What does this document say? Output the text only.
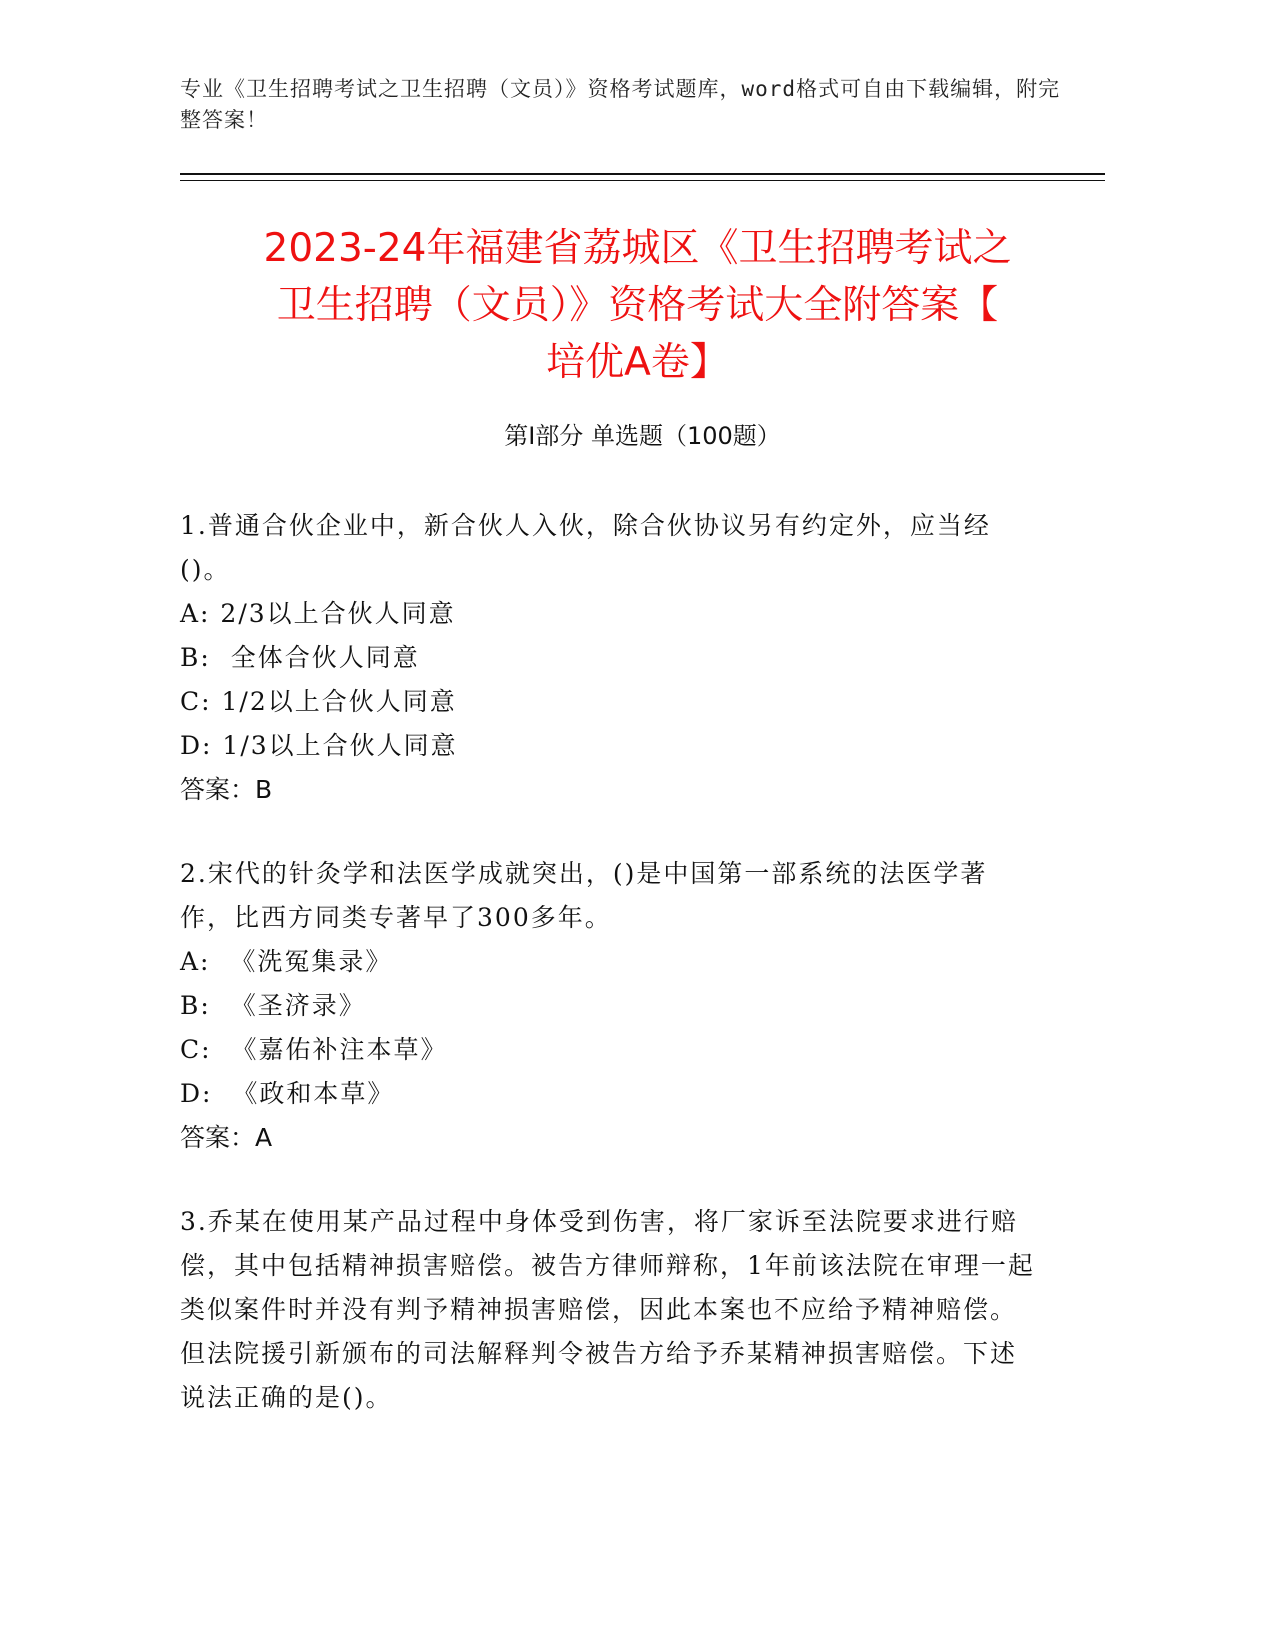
专业《卫生招聘考试之卫生招聘（文员）》资格考试题库，word格式可自由下载编辑，附完整答案！
2023-24年福建省荔城区《卫生招聘考试之
卫生招聘（文员）》资格考试大全附答案【
培优A卷】
第I部分 单选题（100题）
1.普通合伙企业中，新合伙人入伙，除合伙协议另有约定外，应当经()。
A: 2/3以上合伙人同意
B:  全体合伙人同意
C: 1/2以上合伙人同意
D: 1/3以上合伙人同意
答案：B
2.宋代的针灸学和法医学成就突出，()是中国第一部系统的法医学著作，比西方同类专著早了300多年。
A:  《洗冤集录》
B:  《圣济录》
C:  《嘉佑补注本草》
D:  《政和本草》
答案：A
3.乔某在使用某产品过程中身体受到伤害，将厂家诉至法院要求进行赔偿，其中包括精神损害赔偿。被告方律师辩称，1年前该法院在审理一起类似案件时并没有判予精神损害赔偿，因此本案也不应给予精神赔偿。但法院援引新颁布的司法解释判令被告方给予乔某精神损害赔偿。下述说法正确的是()。
